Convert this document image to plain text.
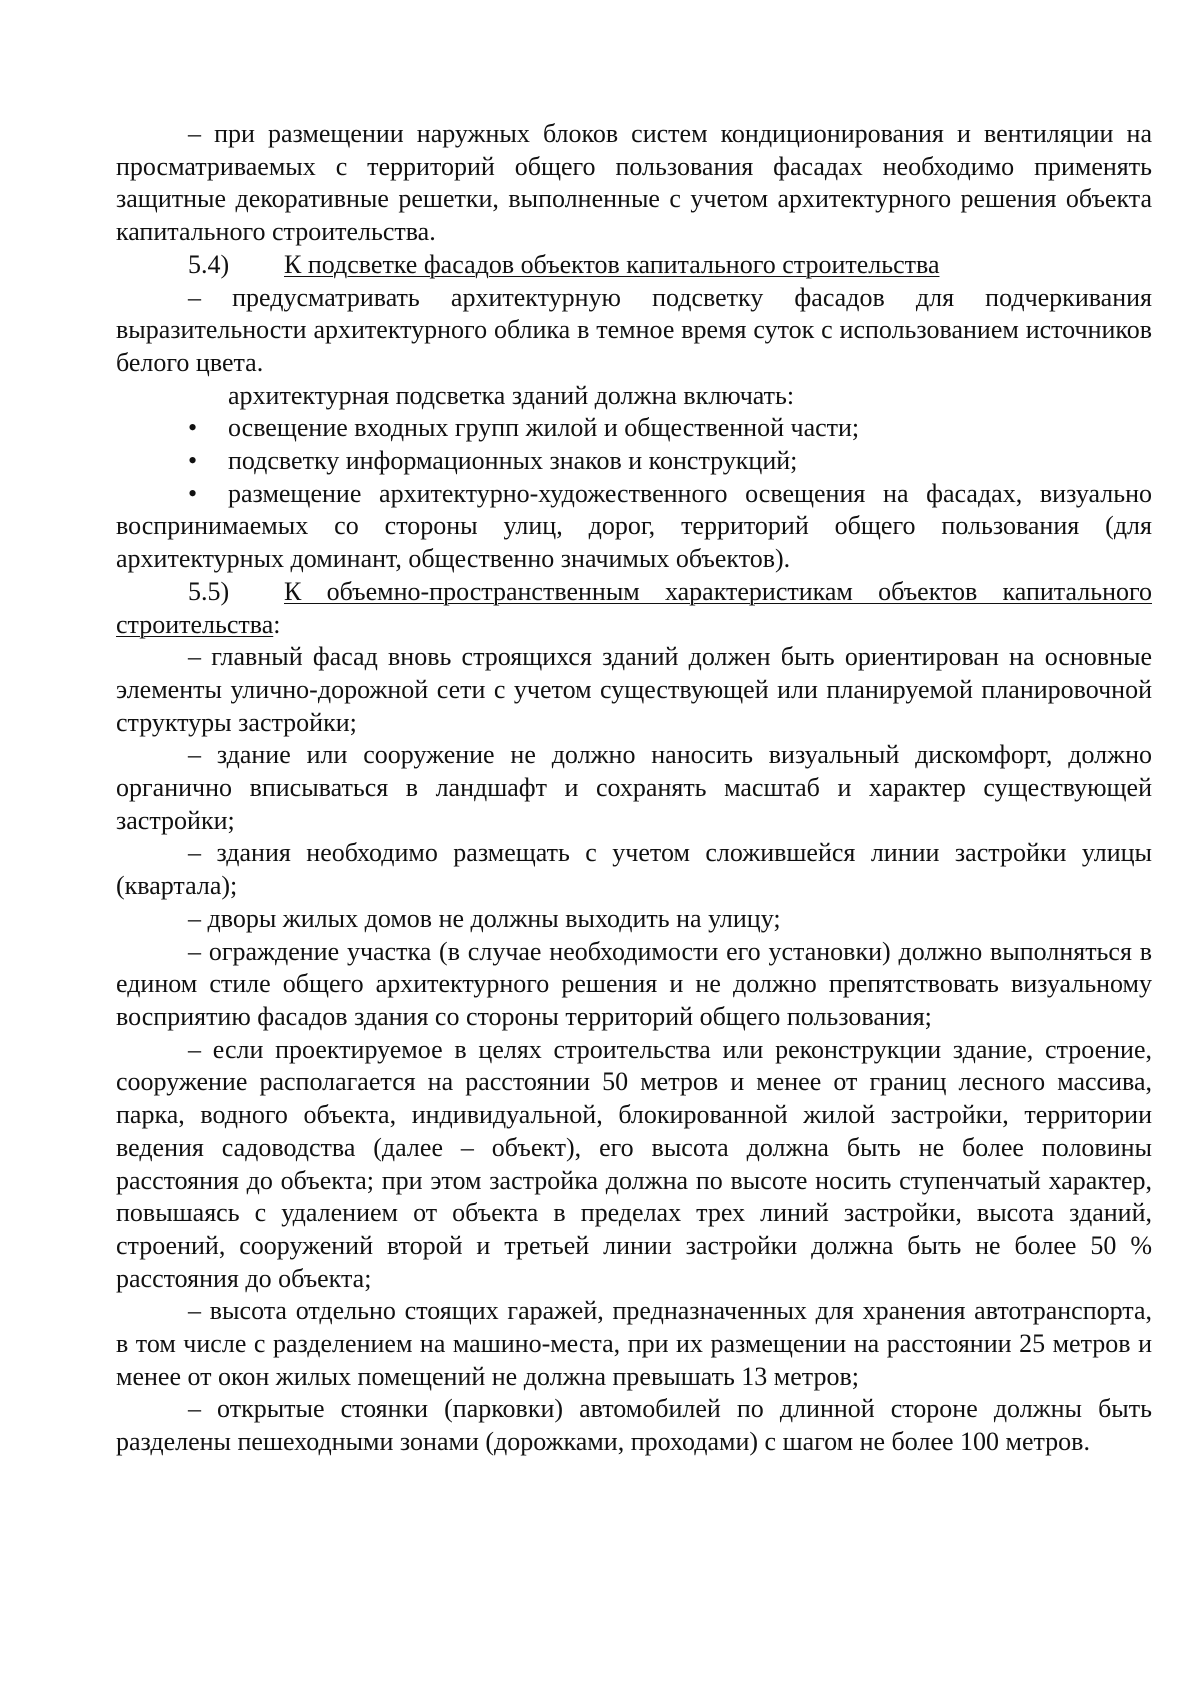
– при размещении наружных блоков систем кондиционирования и вентиляции на просматриваемых с территорий общего пользования фасадах необходимо применять защитные декоративные решетки, выполненные с учетом архитектурного решения объекта капитального строительства.

5.4) К подсветке фасадов объектов капитального строительства

– предусматривать архитектурную подсветку фасадов для подчеркивания выразительности архитектурного облика в темное время суток с использованием источников белого цвета.

архитектурная подсветка зданий должна включать:

• освещение входных групп жилой и общественной части;

• подсветку информационных знаков и конструкций;

• размещение архитектурно-художественного освещения на фасадах, визуально воспринимаемых со стороны улиц, дорог, территорий общего пользования (для архитектурных доминант, общественно значимых объектов).

5.5) К объемно-пространственным характеристикам объектов капитального строительства:

– главный фасад вновь строящихся зданий должен быть ориентирован на основные элементы улично-дорожной сети с учетом существующей или планируемой планировочной структуры застройки;

– здание или сооружение не должно наносить визуальный дискомфорт, должно органично вписываться в ландшафт и сохранять масштаб и характер существующей застройки;

– здания необходимо размещать с учетом сложившейся линии застройки улицы (квартала);

– дворы жилых домов не должны выходить на улицу;

– ограждение участка (в случае необходимости его установки) должно выполняться в едином стиле общего архитектурного решения и не должно препятствовать визуальному восприятию фасадов здания со стороны территорий общего пользования;

– если проектируемое в целях строительства или реконструкции здание, строение, сооружение располагается на расстоянии 50 метров и менее от границ лесного массива, парка, водного объекта, индивидуальной, блокированной жилой застройки, территории ведения садоводства (далее – объект), его высота должна быть не более половины расстояния до объекта; при этом застройка должна по высоте носить ступенчатый характер, повышаясь с удалением от объекта в пределах трех линий застройки, высота зданий, строений, сооружений второй и третьей линии застройки должна быть не более 50 % расстояния до объекта;

– высота отдельно стоящих гаражей, предназначенных для хранения автотранспорта, в том числе с разделением на машино-места, при их размещении на расстоянии 25 метров и менее от окон жилых помещений не должна превышать 13 метров;

– открытые стоянки (парковки) автомобилей по длинной стороне должны быть разделены пешеходными зонами (дорожками, проходами) с шагом не более 100 метров.
